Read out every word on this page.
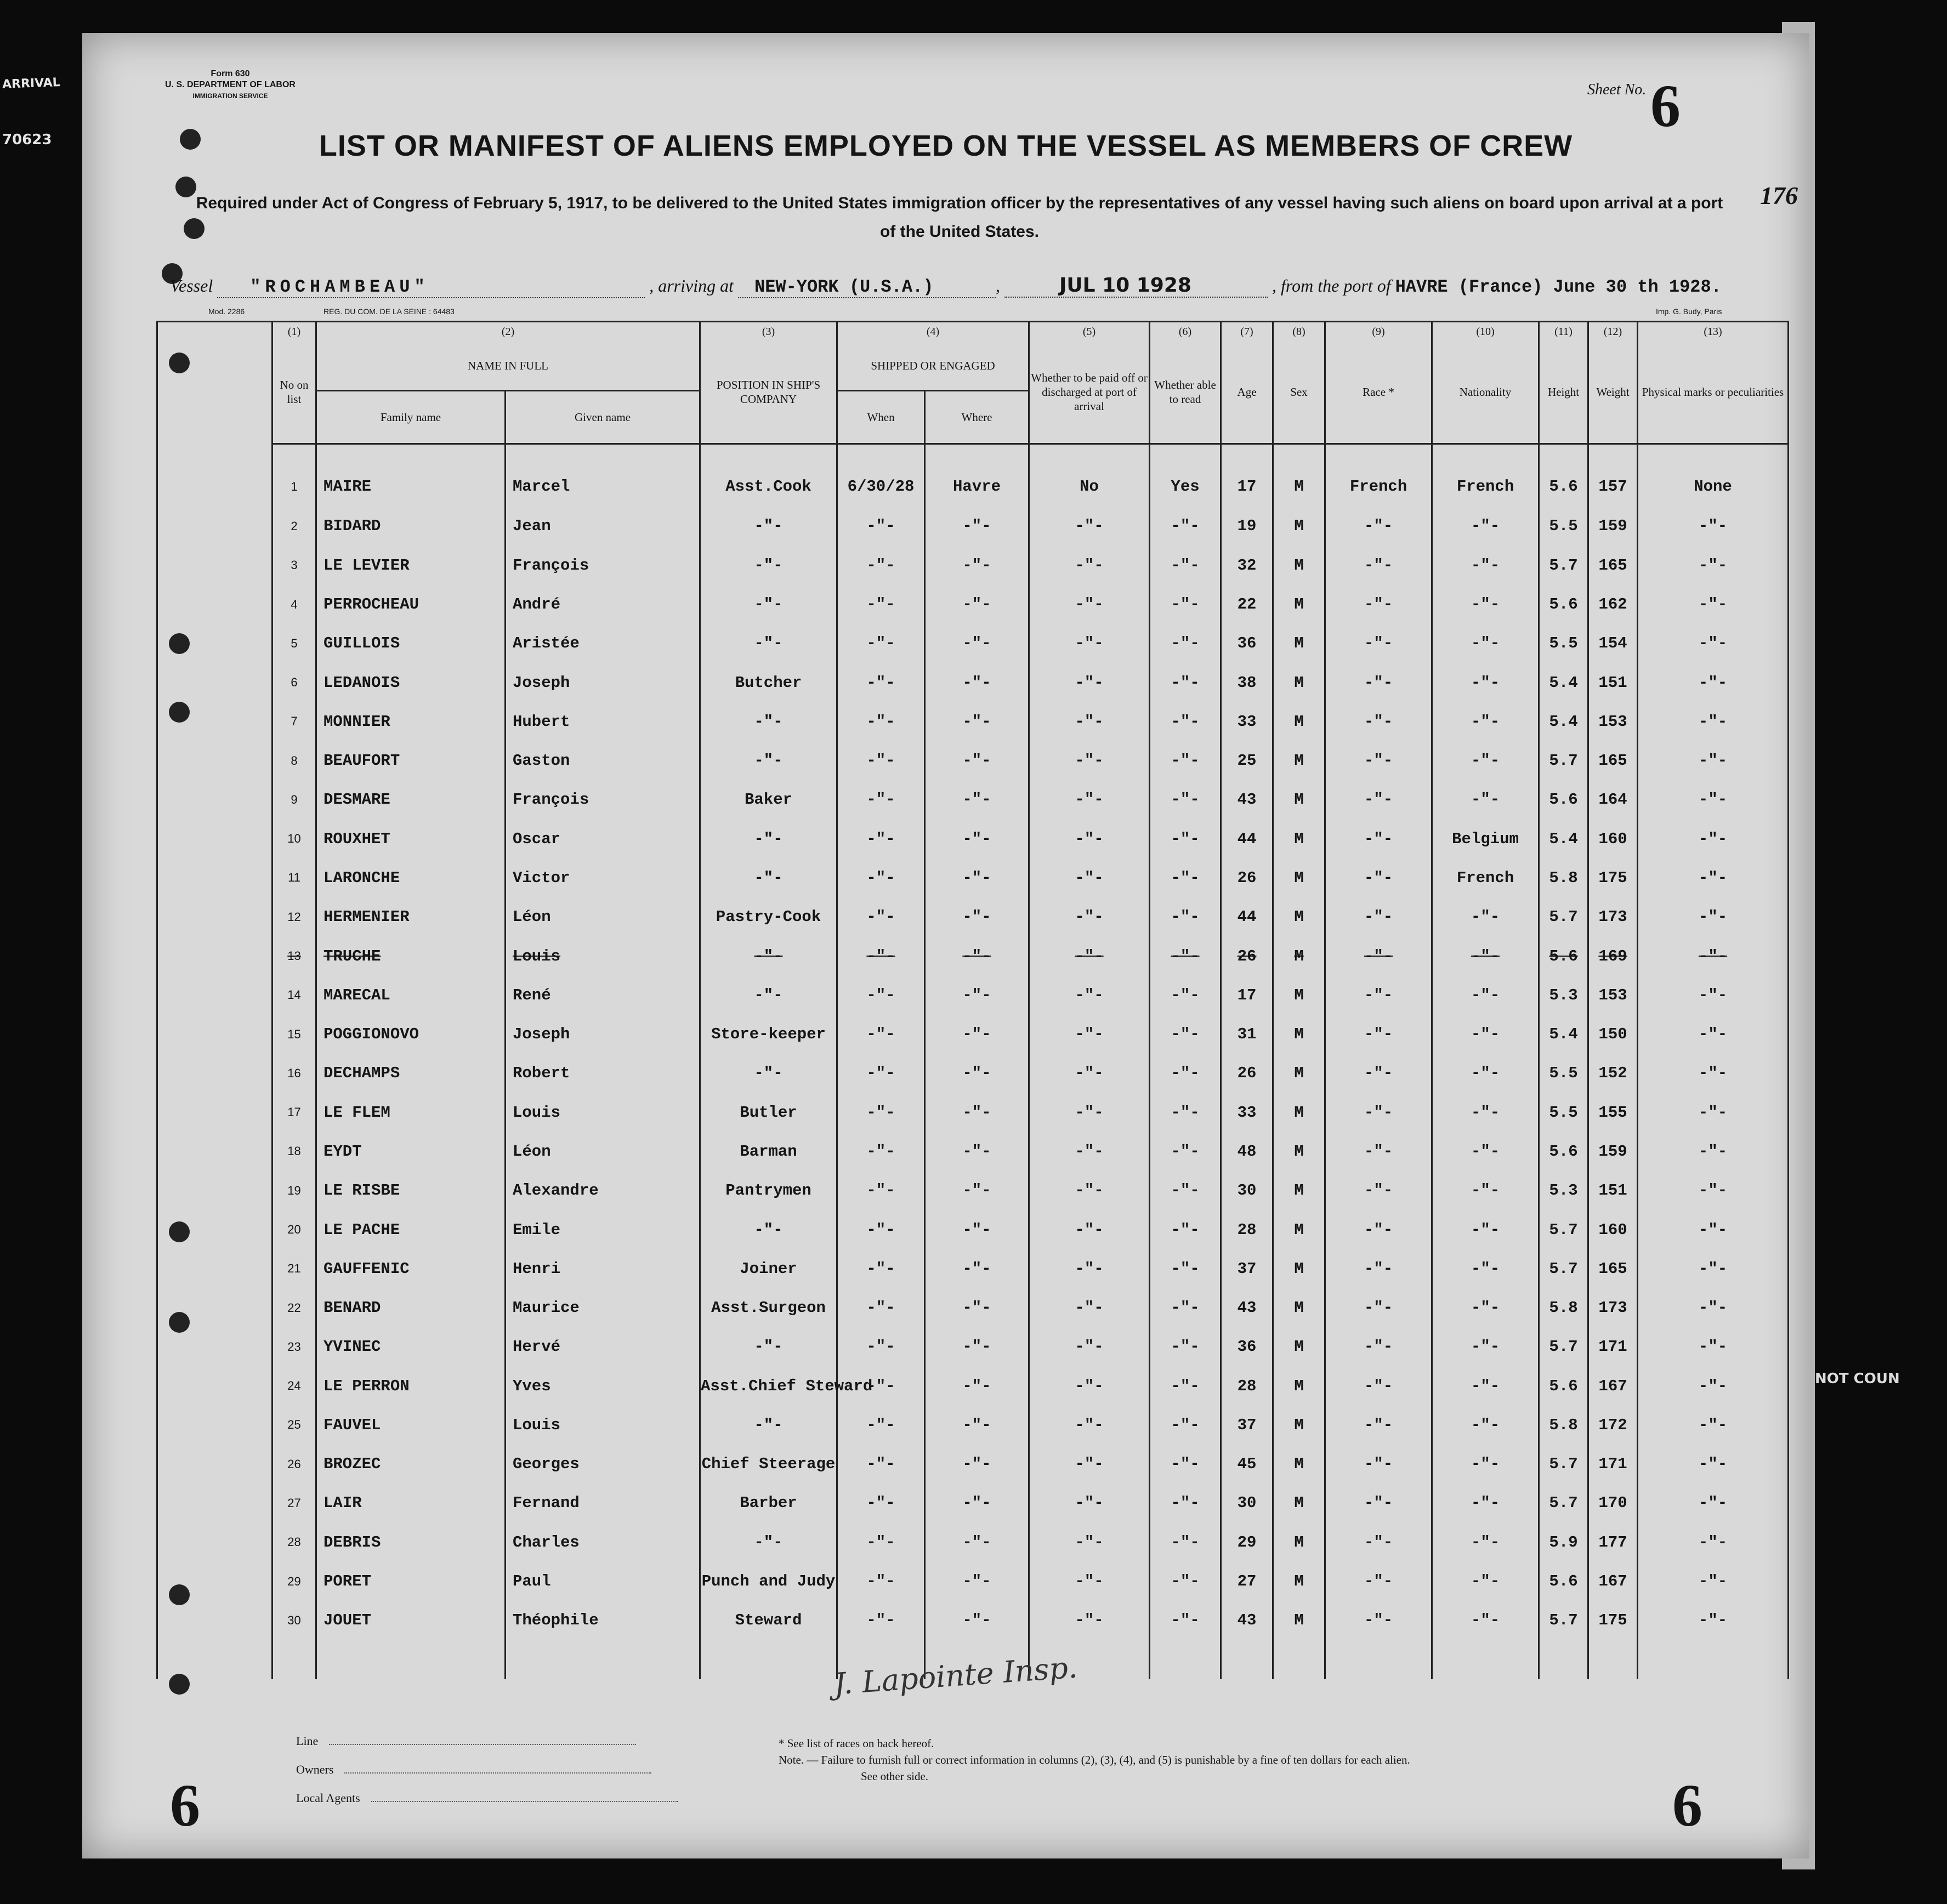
ARRIVAL
70623
Form 630
U. S. DEPARTMENT OF LABOR
IMMIGRATION SERVICE	Sheet No. 6
176
LIST OR MANIFEST OF ALIENS EMPLOYED ON THE VESSEL AS MEMBERS OF CREW
Required under Act of Congress of February 5, 1917, to be delivered to the United States immigration officer by the representatives of any vessel having such aliens on board upon arrival at a port of the United States.
Vessel "ROCHAMBEAU"	, arriving at NEW-YORK (U.S.A.)	,	JUL 10 1928	, from the port of HAVRE (France) June 30 th 1928.
Mod. 2286	REG. DU COM. DE LA SEINE : 64483	Imp. G. Budy, Paris
	(1)	(2)		(3)	(4)		(5)	(6)	(7)	(8)	(9)	(10)	(11)	(12)	(13)
	No on list	NAME IN FULL		POSITION IN SHIP'S COMPANY	SHIPPED OR ENGAGED		Whether to be paid off or discharged at port of arrival	Whether able to read	Age	Sex	Race *	Nationality	Height	Weight	Physical marks or peculiarities
		Family name	Given name		When	Where									
	1	MAIRE	Marcel	Asst.Cook	6/30/28	Havre	No	Yes	17	M	French	French	5.6	157	None
	2	BIDARD	Jean	-"-	-"-	-"-	-"-	-"-	19	M	-"-	-"-	5.5	159	-"-
	3	LE LEVIER	François	-"-	-"-	-"-	-"-	-"-	32	M	-"-	-"-	5.7	165	-"-
	4	PERROCHEAU	André	-"-	-"-	-"-	-"-	-"-	22	M	-"-	-"-	5.6	162	-"-
	5	GUILLOIS	Aristée	-"-	-"-	-"-	-"-	-"-	36	M	-"-	-"-	5.5	154	-"-
	6	LEDANOIS	Joseph	Butcher	-"-	-"-	-"-	-"-	38	M	-"-	-"-	5.4	151	-"-
	7	MONNIER	Hubert	-"-	-"-	-"-	-"-	-"-	33	M	-"-	-"-	5.4	153	-"-
	8	BEAUFORT	Gaston	-"-	-"-	-"-	-"-	-"-	25	M	-"-	-"-	5.7	165	-"-
	9	DESMARE	François	Baker	-"-	-"-	-"-	-"-	43	M	-"-	-"-	5.6	164	-"-
	10	ROUXHET	Oscar	-"-	-"-	-"-	-"-	-"-	44	M	-"-	Belgium	5.4	160	-"-
	11	LARONCHE	Victor	-"-	-"-	-"-	-"-	-"-	26	M	-"-	French	5.8	175	-"-
	12	HERMENIER	Léon	Pastry-Cook	-"-	-"-	-"-	-"-	44	M	-"-	-"-	5.7	173	-"-
	13	TRUCHE	Louis	-"-	-"-	-"-	-"-	-"-	26	M	-"-	-"-	5.6	169	-"-
	14	MARECAL	René	-"-	-"-	-"-	-"-	-"-	17	M	-"-	-"-	5.3	153	-"-
	15	POGGIONOVO	Joseph	Store-keeper	-"-	-"-	-"-	-"-	31	M	-"-	-"-	5.4	150	-"-
	16	DECHAMPS	Robert	-"-	-"-	-"-	-"-	-"-	26	M	-"-	-"-	5.5	152	-"-
	17	LE FLEM	Louis	Butler	-"-	-"-	-"-	-"-	33	M	-"-	-"-	5.5	155	-"-
	18	EYDT	Léon	Barman	-"-	-"-	-"-	-"-	48	M	-"-	-"-	5.6	159	-"-
	19	LE RISBE	Alexandre	Pantrymen	-"-	-"-	-"-	-"-	30	M	-"-	-"-	5.3	151	-"-
	20	LE PACHE	Emile	-"-	-"-	-"-	-"-	-"-	28	M	-"-	-"-	5.7	160	-"-
	21	GAUFFENIC	Henri	Joiner	-"-	-"-	-"-	-"-	37	M	-"-	-"-	5.7	165	-"-
	22	BENARD	Maurice	Asst.Surgeon	-"-	-"-	-"-	-"-	43	M	-"-	-"-	5.8	173	-"-
	23	YVINEC	Hervé	-"-	-"-	-"-	-"-	-"-	36	M	-"-	-"-	5.7	171	-"-
	24	LE PERRON	Yves	Asst.Chief Steward	-"-	-"-	-"-	-"-	28	M	-"-	-"-	5.6	167	-"-
	25	FAUVEL	Louis	-"-	-"-	-"-	-"-	-"-	37	M	-"-	-"-	5.8	172	-"-
	26	BROZEC	Georges	Chief Steerage	-"-	-"-	-"-	-"-	45	M	-"-	-"-	5.7	171	-"-
	27	LAIR	Fernand	Barber	-"-	-"-	-"-	-"-	30	M	-"-	-"-	5.7	170	-"-
	28	DEBRIS	Charles	-"-	-"-	-"-	-"-	-"-	29	M	-"-	-"-	5.9	177	-"-
	29	PORET	Paul	Punch and Judy	-"-	-"-	-"-	-"-	27	M	-"-	-"-	5.6	167	-"-
	30	JOUET	Théophile	Steward	-"-	-"-	-"-	-"-	43	M	-"-	-"-	5.7	175	-"-

J. Lapointe Insp.
Line
Owners
Local Agents
* See list of races on back hereof.
Note. — Failure to furnish full or correct information in columns (2), (3), (4), and (5) is punishable by a fine of ten dollars for each alien.
See other side.
6	6
NOT COUN
